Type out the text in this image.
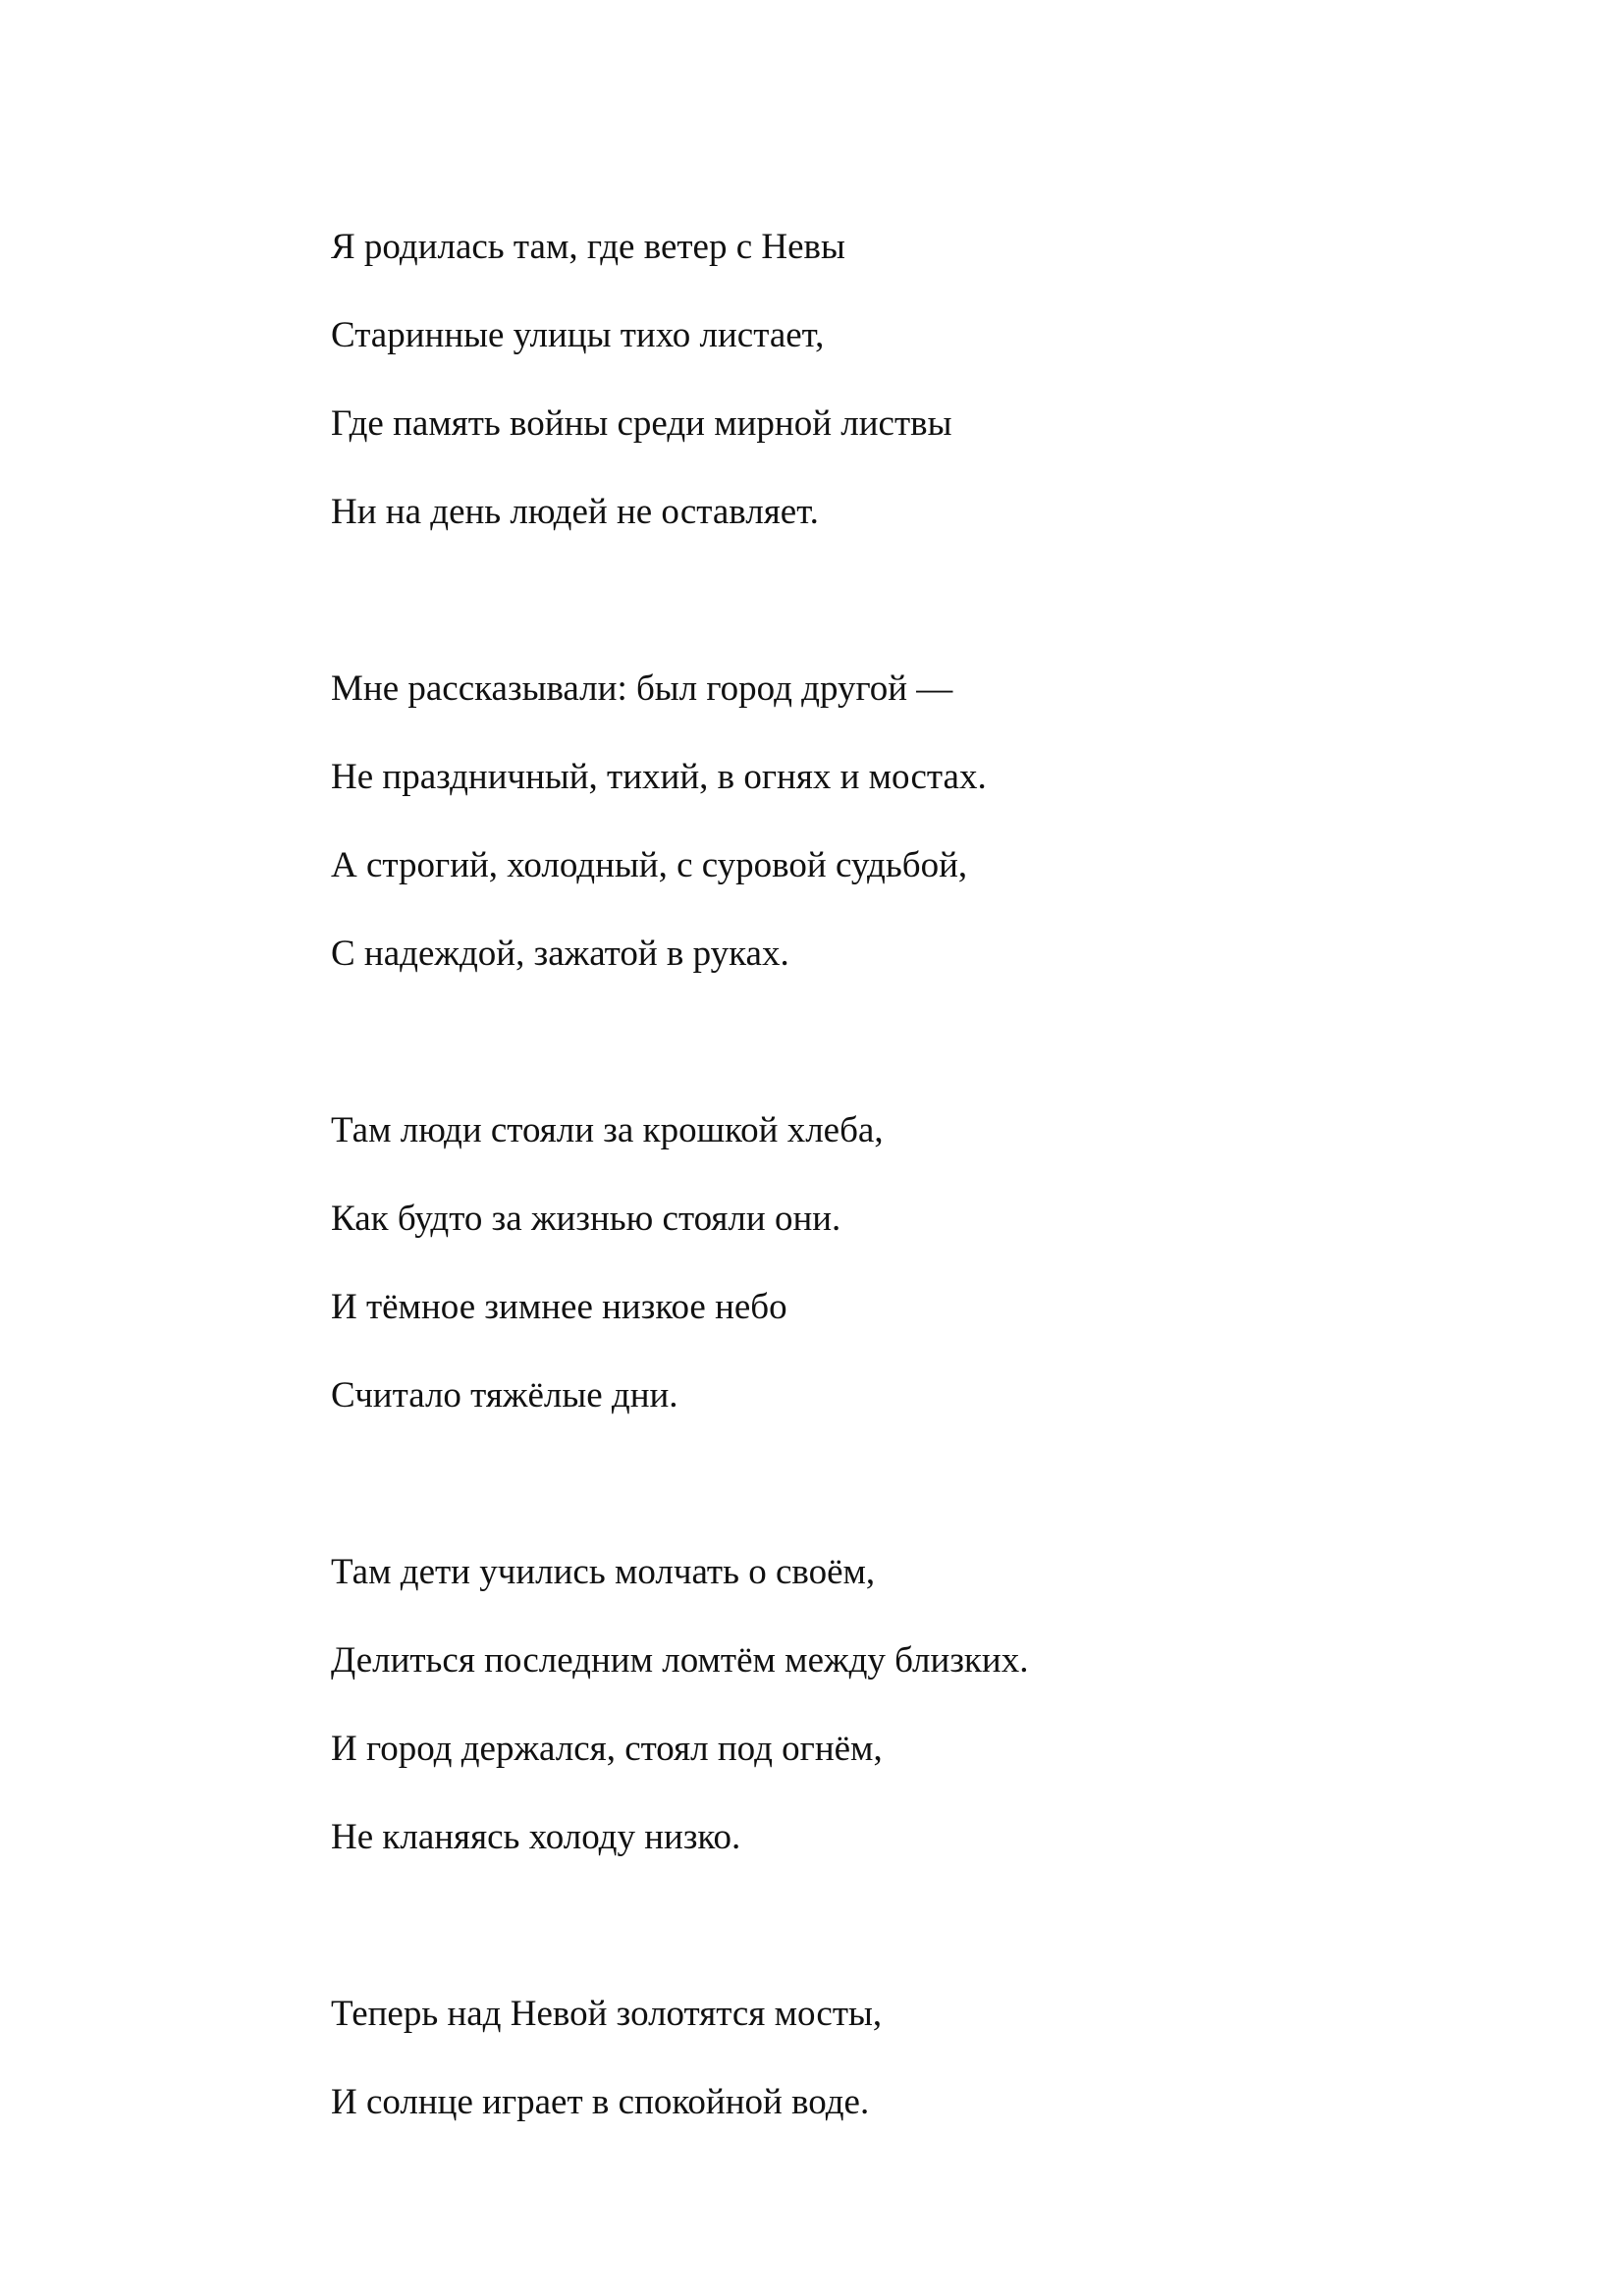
Я родилась там, где ветер с Невы
Старинные улицы тихо листает,
Где память войны среди мирной листвы
Ни на день людей не оставляет.
Мне рассказывали: был город другой —
Не праздничный, тихий, в огнях и мостах.
А строгий, холодный, с суровой судьбой,
С надеждой, зажатой в руках.
Там люди стояли за крошкой хлеба,
Как будто за жизнью стояли они.
И тёмное зимнее низкое небо
Считало тяжёлые дни.
Там дети учились молчать о своём,
Делиться последним ломтём между близких.
И город держался, стоял под огнём,
Не кланяясь холоду низко.
Теперь над Невой золотятся мосты,
И солнце играет в спокойной воде.
